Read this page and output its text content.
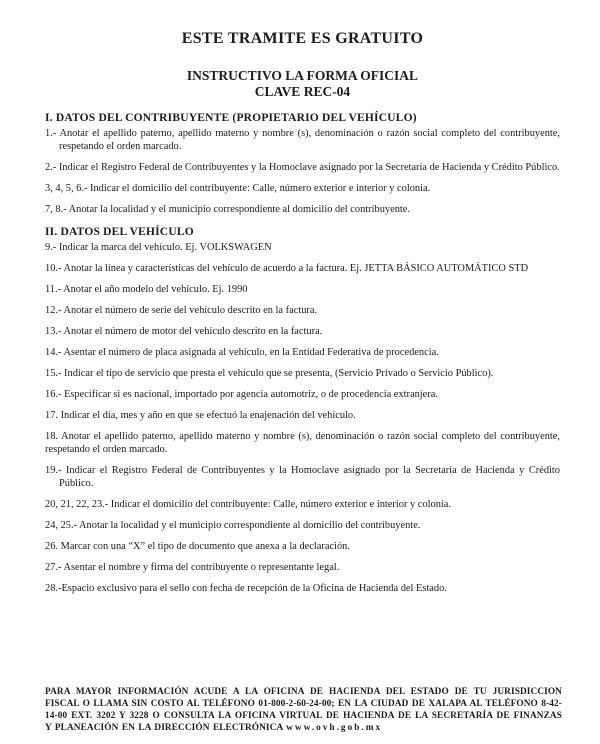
ESTE TRAMITE ES GRATUITO
INSTRUCTIVO LA FORMA OFICIAL
CLAVE REC-04
I. DATOS DEL CONTRIBUYENTE (PROPIETARIO DEL VEHÍCULO)

1.- Anotar el apellido paterno, apellido materno y nombre (s), denominación o razón social completo del contribuyente, respetando el orden marcado.

2.- Indicar el Registro Federal de Contribuyentes y la Homoclave asignado por la Secretaría de Hacienda y Crédito Público.

3, 4, 5, 6.- Indicar el domicilio del contribuyente: Calle, número exterior e interior y colonia.

7, 8.- Anotar la localidad y el municipio correspondiente al domicilio del contribuyente.

II. DATOS DEL VEHÍCULO

9.- Indicar la marca del vehículo. Ej. VOLKSWAGEN

10.- Anotar la línea y características del vehículo de acuerdo a la factura. Ej. JETTA BÁSICO AUTOMÁTICO STD

11.- Anotar el año modelo del vehículo. Ej. 1990

12.- Anotar el número de serie del vehículo descrito en la factura.

13.- Anotar el número de motor del vehículo descrito en la factura.

14.- Asentar el número de placa asignada al vehículo, en la Entidad Federativa de procedencia.

15.- Indicar el tipo de servicio que presta el vehículo que se presenta, (Servicio Privado o Servicio Público).

16.- Especificar si es nacional, importado por agencia automotriz, o de procedencia extranjera.

17. Indicar el día, mes y año en que se efectuó la enajenación del vehículo.

18. Anotar el apellido paterno, apellido materno y nombre (s), denominación o razón social completo del contribuyente, respetando el orden marcado.

19.- Indicar el Registro Federal de Contribuyentes y la Homoclave asignado por la Secretaría de Hacienda y Crédito Público.

20, 21, 22, 23.- Indicar el domicilio del contribuyente: Calle, número exterior e interior y colonia.

24, 25.- Anotar la localidad y el municipio correspondiente al domicilio del contribuyente.

26. Marcar con una “X” el tipo de documento que anexa a la declaración.

27.- Asentar el nombre y firma del contribuyente o representante legal.

28.-Espacio exclusivo para el sello con fecha de recepción de la Oficina de Hacienda del Estado.

PARA MAYOR INFORMACIÓN ACUDE A LA OFICINA DE HACIENDA DEL ESTADO DE TU JURISDICCION FISCAL O LLAMA SIN COSTO AL TELÉFONO 01-800-2-60-24-00; EN LA CIUDAD DE XALAPA AL TELÉFONO 8-42-14-00 EXT. 3202 Y 3228 O CONSULTA LA OFICINA VIRTUAL DE HACIENDA DE LA SECRETARÍA DE FINANZAS Y PLANEACIÓN EN LA DIRECCIÓN ELECTRÓNICA www.ovh.gob.mx
